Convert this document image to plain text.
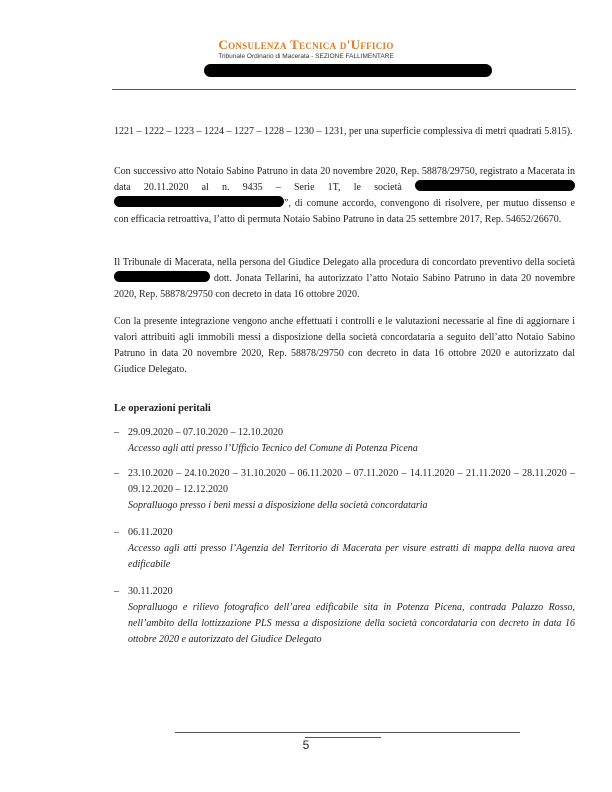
Consulenza Tecnica d'Ufficio
Tribunale Ordinario di Macerata - SEZIONE FALLIMENTARE
1221 – 1222 – 1223 – 1224 – 1227 – 1228 – 1230 – 1231, per una superficie complessiva di metri quadrati 5.815).
Con successivo atto Notaio Sabino Patruno in data 20 novembre 2020, Rep. 58878/29750, registrato a Macerata in data 20.11.2020 al n. 9435 – Serie 1T, le società  ”, di comune accordo, convengono di risolvere, per mutuo dissenso e con efficacia retroattiva, l’atto di permuta Notaio Sabino Patruno in data 25 settembre 2017, Rep. 54652/26670.
Il Tribunale di Macerata, nella persona del Giudice Delegato alla procedura di concordato preventivo della società  dott. Jonata Tellarini, ha autorizzato l’atto Notaio Sabino Patruno in data 20 novembre 2020, Rep. 58878/29750 con decreto in data 16 ottobre 2020.
Con la presente integrazione vengono anche effettuati i controlli e le valutazioni necessarie al fine di aggiornare i valori attribuiti agli immobili messi a disposizione della società concordataria a seguito dell’atto Notaio Sabino Patruno in data 20 novembre 2020, Rep. 58878/29750 con decreto in data 16 ottobre 2020 e autorizzato dal Giudice Delegato.
Le operazioni peritali
– 29.09.2020 – 07.10.2020 – 12.10.2020
Accesso agli atti presso l’Ufficio Tecnico del Comune di Potenza Picena
– 23.10.2020 – 24.10.2020 – 31.10.2020 – 06.11.2020 – 07.11.2020 – 14.11.2020 – 21.11.2020 – 28.11.2020 – 09.12.2020 – 12.12.2020
Sopralluogo presso i beni messi a disposizione della società concordataria
– 06.11.2020
Accesso agli atti presso l’Agenzia del Territorio di Macerata per visure estratti di mappa della nuova area edificabile
– 30.11.2020
Sopralluogo e rilievo fotografico dell’area edificabile sita in Potenza Picena, contrada Palazzo Rosso, nell’ambito della lottizzazione PLS messa a disposizione della società concordataria con decreto in data 16 ottobre 2020 e autorizzato del Giudice Delegato
5
